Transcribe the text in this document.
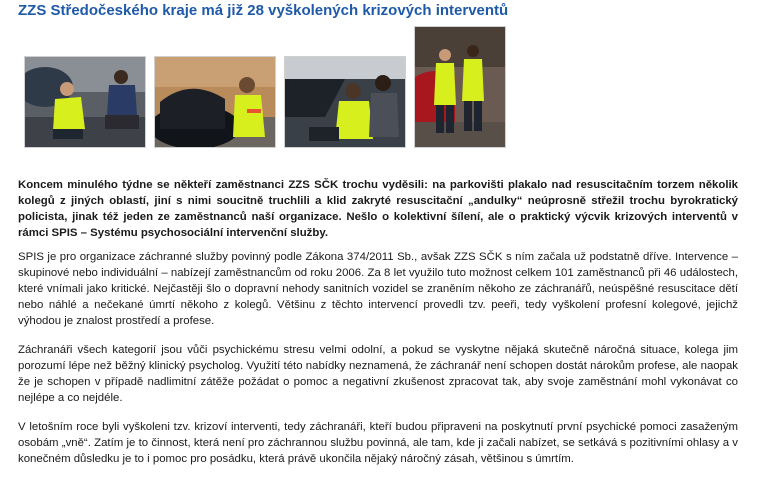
ZZS Středočeského kraje má již 28 vyškolených krizových interventů

Koncem minulého týdne se někteří zaměstnanci ZZS SČK trochu vyděsili: na parkovišti plakalo nad resuscitačním torzem několik kolegů z jiných oblastí, jiní s nimi soucitně truchlili a klid zakryté resuscitační „andulky“ neúprosně střežil trochu byrokratický policista, jinak též jeden ze zaměstnanců naší organizace. Nešlo o kolektivní šílení, ale o praktický výcvik krizových interventů v rámci SPIS – Systému psychosociální intervenční služby.

SPIS je pro organizace záchranné služby povinný podle Zákona 374/2011 Sb., avšak ZZS SČK s ním začala už podstatně dříve. Intervence – skupinové nebo individuální – nabízejí zaměstnancům od roku 2006. Za 8 let využilo tuto možnost celkem 101 zaměstnanců při 46 událostech, které vnímali jako kritické. Nejčastěji šlo o dopravní nehody sanitních vozidel se zraněním někoho ze záchranářů, neúspěšné resuscitace dětí nebo náhlé a nečekané úmrtí někoho z kolegů. Většinu z těchto intervencí provedli tzv. peeři, tedy vyškolení profesní kolegové, jejichž výhodou je znalost prostředí a profese.

Záchranáři všech kategorií jsou vůči psychickému stresu velmi odolní, a pokud se vyskytne nějaká skutečně náročná situace, kolega jim porozumí lépe než běžný klinický psycholog. Využití této nabídky neznamená, že záchranář není schopen dostát nárokům profese, ale naopak že je schopen v případě nadlimitní zátěže požádat o pomoc a negativní zkušenost zpracovat tak, aby svoje zaměstnání mohl vykonávat co nejlépe a co nejdéle.

V letošním roce byli vyškoleni tzv. krizoví interventi, tedy záchranáři, kteří budou připraveni na poskytnutí první psychické pomoci zasaženým osobám „vně“. Zatím je to činnost, která není pro záchrannou službu povinná, ale tam, kde ji začali nabízet, se setkává s pozitivními ohlasy a v konečném důsledku je to i pomoc pro posádku, která právě ukončila nějaký náročný zásah, většinou s úmrtím.
